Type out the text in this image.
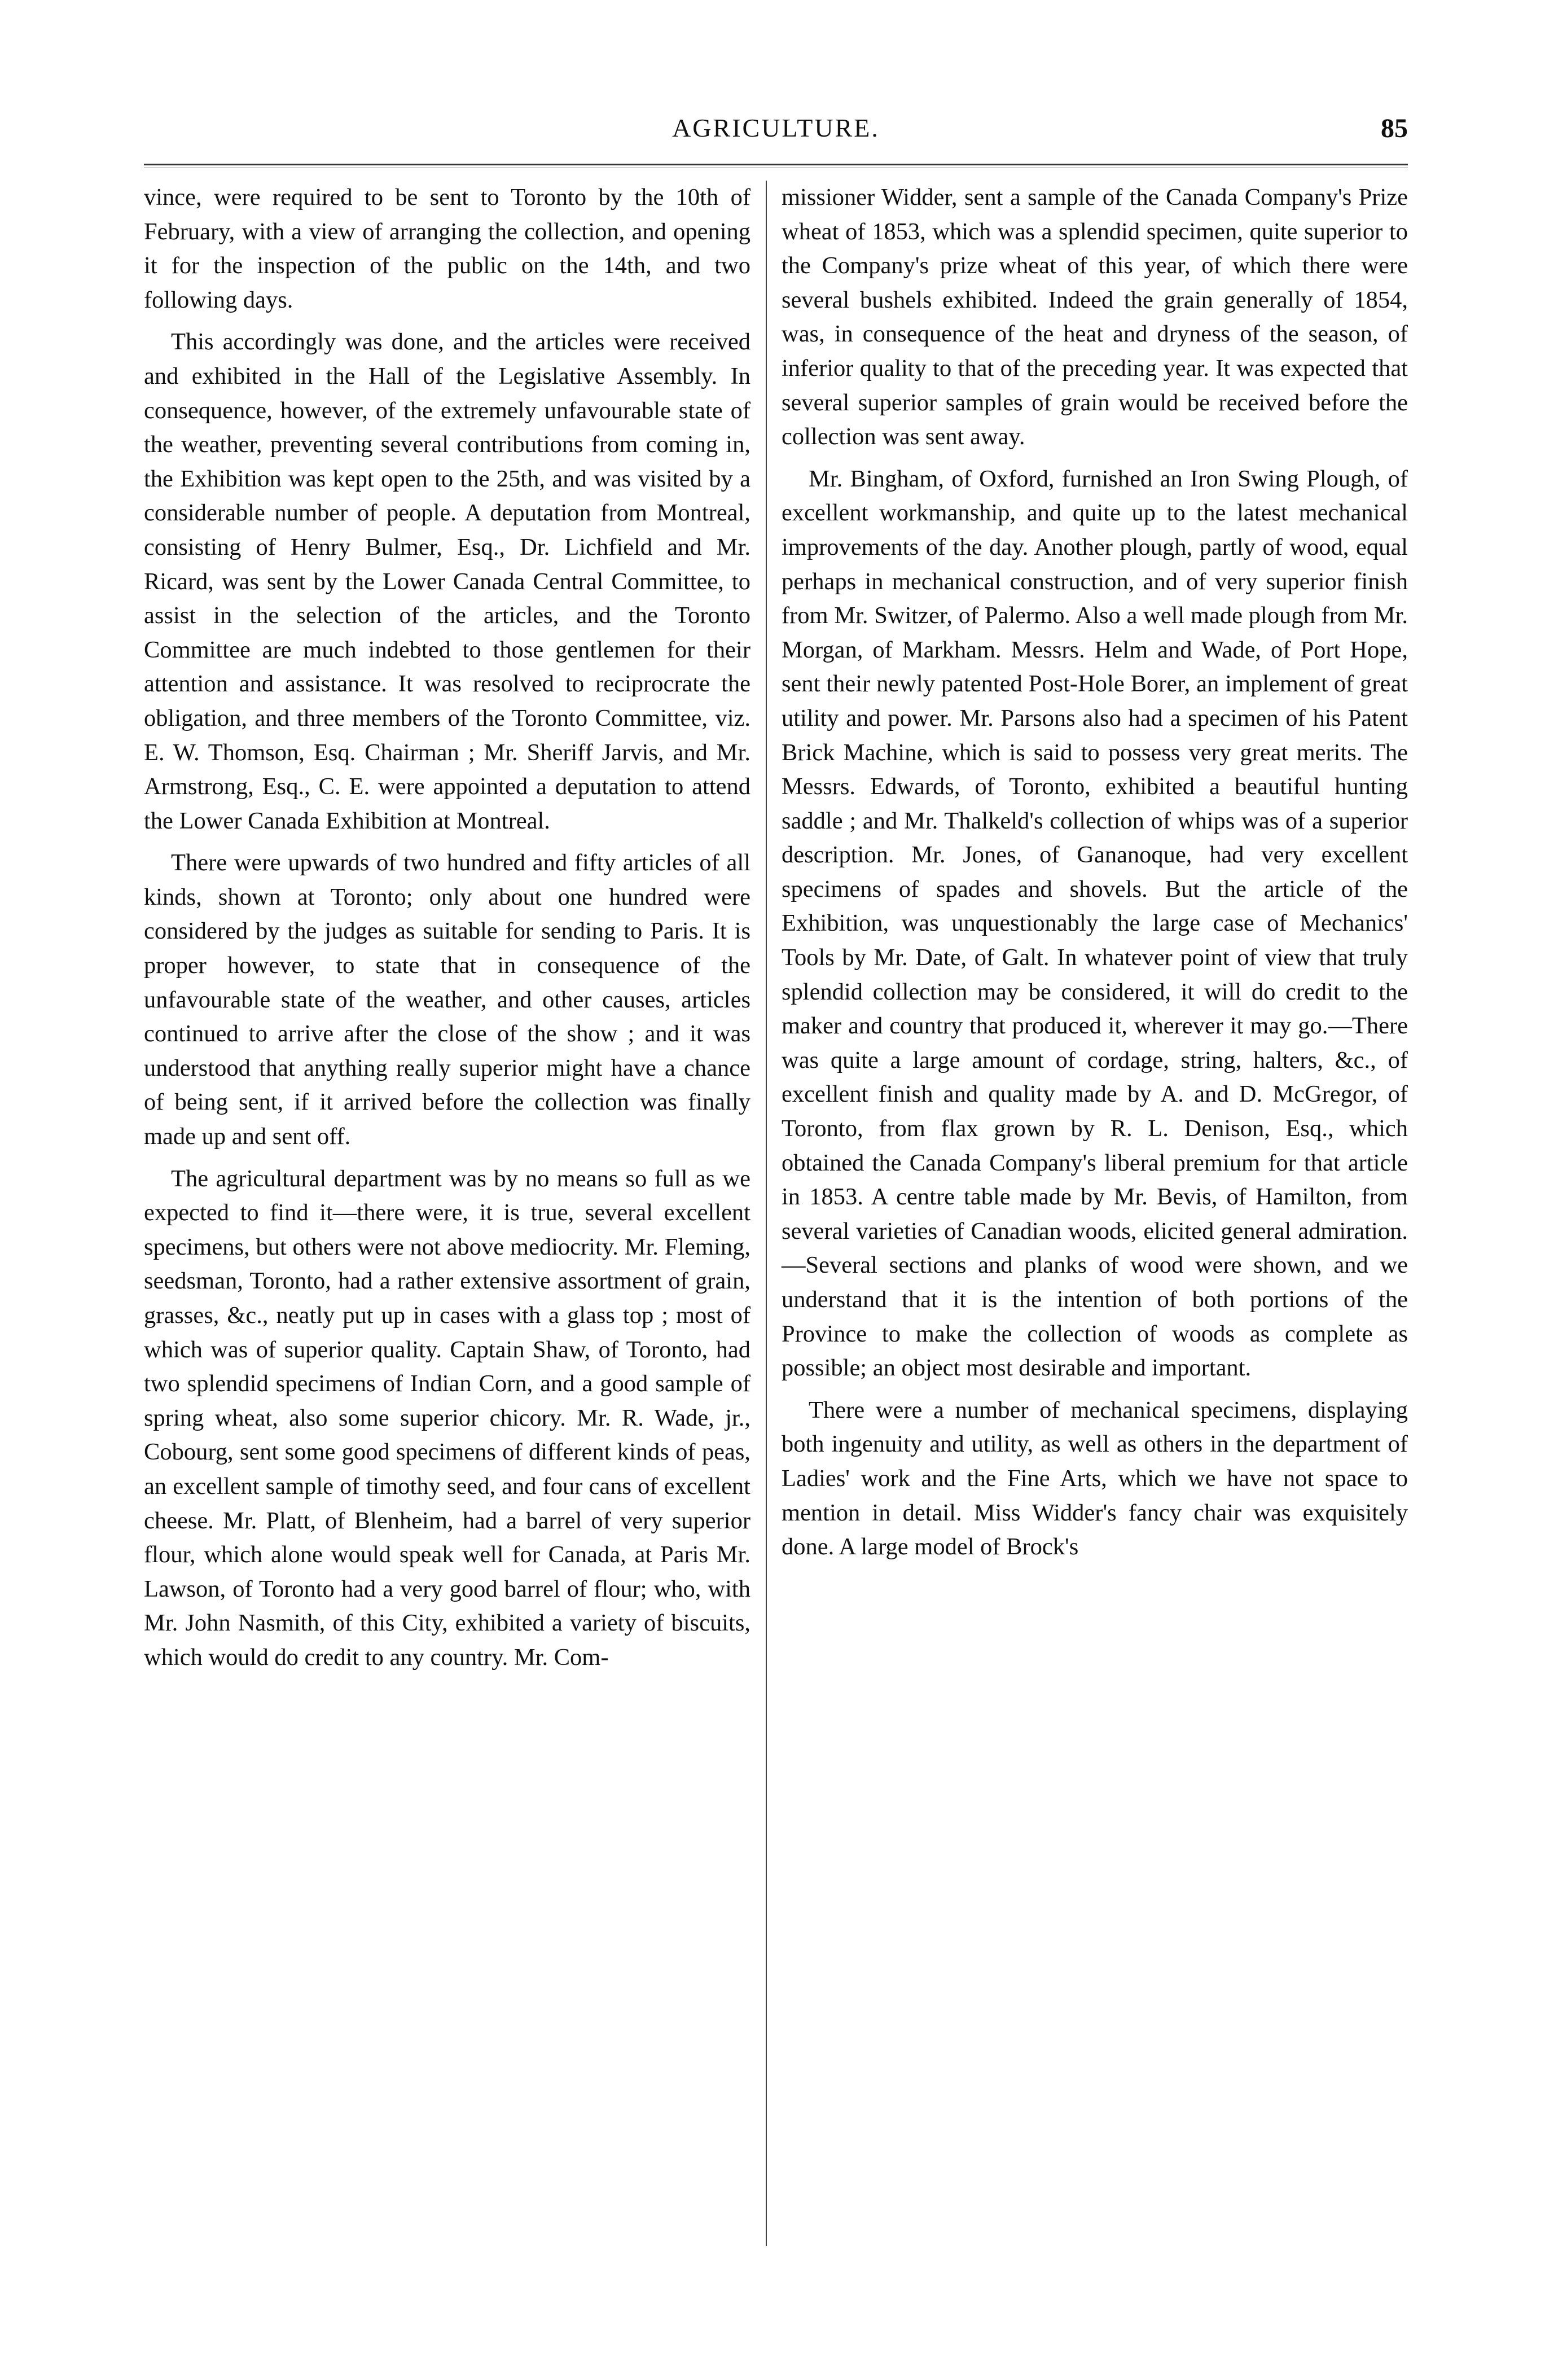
AGRICULTURE.	85

vince, were required to be sent to Toronto by the 10th of February, with a view of arranging the collection, and opening it for the inspection of the public on the 14th, and two following days.

This accordingly was done, and the articles were received and exhibited in the Hall of the Legislative Assembly. In consequence, however, of the extremely unfavourable state of the weather, preventing several contributions from coming in, the Exhibition was kept open to the 25th, and was visited by a considerable number of people. A deputation from Montreal, consisting of Henry Bulmer, Esq., Dr. Lichfield and Mr. Ricard, was sent by the Lower Canada Central Committee, to assist in the selection of the articles, and the Toronto Committee are much indebted to those gentlemen for their attention and assistance. It was resolved to reciprocrate the obligation, and three members of the Toronto Committee, viz. E. W. Thomson, Esq. Chairman ; Mr. Sheriff Jarvis, and Mr. Armstrong, Esq., C. E. were appointed a deputation to attend the Lower Canada Exhibition at Montreal.

There were upwards of two hundred and fifty articles of all kinds, shown at Toronto; only about one hundred were considered by the judges as suitable for sending to Paris. It is proper however, to state that in consequence of the unfavourable state of the weather, and other causes, articles continued to arrive after the close of the show ; and it was understood that anything really superior might have a chance of being sent, if it arrived before the collection was finally made up and sent off.

The agricultural department was by no means so full as we expected to find it—there were, it is true, several excellent specimens, but others were not above mediocrity. Mr. Fleming, seedsman, Toronto, had a rather extensive assortment of grain, grasses, &c., neatly put up in cases with a glass top ; most of which was of superior quality. Captain Shaw, of Toronto, had two splendid specimens of Indian Corn, and a good sample of spring wheat, also some superior chicory. Mr. R. Wade, jr., Cobourg, sent some good specimens of different kinds of peas, an excellent sample of timothy seed, and four cans of excellent cheese. Mr. Platt, of Blenheim, had a barrel of very superior flour, which alone would speak well for Canada, at Paris Mr. Lawson, of Toronto had a very good barrel of flour; who, with Mr. John Nasmith, of this City, exhibited a variety of biscuits, which would do credit to any country. Mr. Com-

missioner Widder, sent a sample of the Canada Company's Prize wheat of 1853, which was a splendid specimen, quite superior to the Company's prize wheat of this year, of which there were several bushels exhibited. Indeed the grain generally of 1854, was, in consequence of the heat and dryness of the season, of inferior quality to that of the preceding year. It was expected that several superior samples of grain would be received before the collection was sent away.

Mr. Bingham, of Oxford, furnished an Iron Swing Plough, of excellent workmanship, and quite up to the latest mechanical improvements of the day. Another plough, partly of wood, equal perhaps in mechanical construction, and of very superior finish from Mr. Switzer, of Palermo. Also a well made plough from Mr. Morgan, of Markham. Messrs. Helm and Wade, of Port Hope, sent their newly patented Post-Hole Borer, an implement of great utility and power. Mr. Parsons also had a specimen of his Patent Brick Machine, which is said to possess very great merits. The Messrs. Edwards, of Toronto, exhibited a beautiful hunting saddle ; and Mr. Thalkeld's collection of whips was of a superior description. Mr. Jones, of Gananoque, had very excellent specimens of spades and shovels. But the article of the Exhibition, was unquestionably the large case of Mechanics' Tools by Mr. Date, of Galt. In whatever point of view that truly splendid collection may be considered, it will do credit to the maker and country that produced it, wherever it may go.—There was quite a large amount of cordage, string, halters, &c., of excellent finish and quality made by A. and D. McGregor, of Toronto, from flax grown by R. L. Denison, Esq., which obtained the Canada Company's liberal premium for that article in 1853. A centre table made by Mr. Bevis, of Hamilton, from several varieties of Canadian woods, elicited general admiration.—Several sections and planks of wood were shown, and we understand that it is the intention of both portions of the Province to make the collection of woods as complete as possible; an object most desirable and important.

There were a number of mechanical specimens, displaying both ingenuity and utility, as well as others in the department of Ladies' work and the Fine Arts, which we have not space to mention in detail. Miss Widder's fancy chair was exquisitely done. A large model of Brock's
